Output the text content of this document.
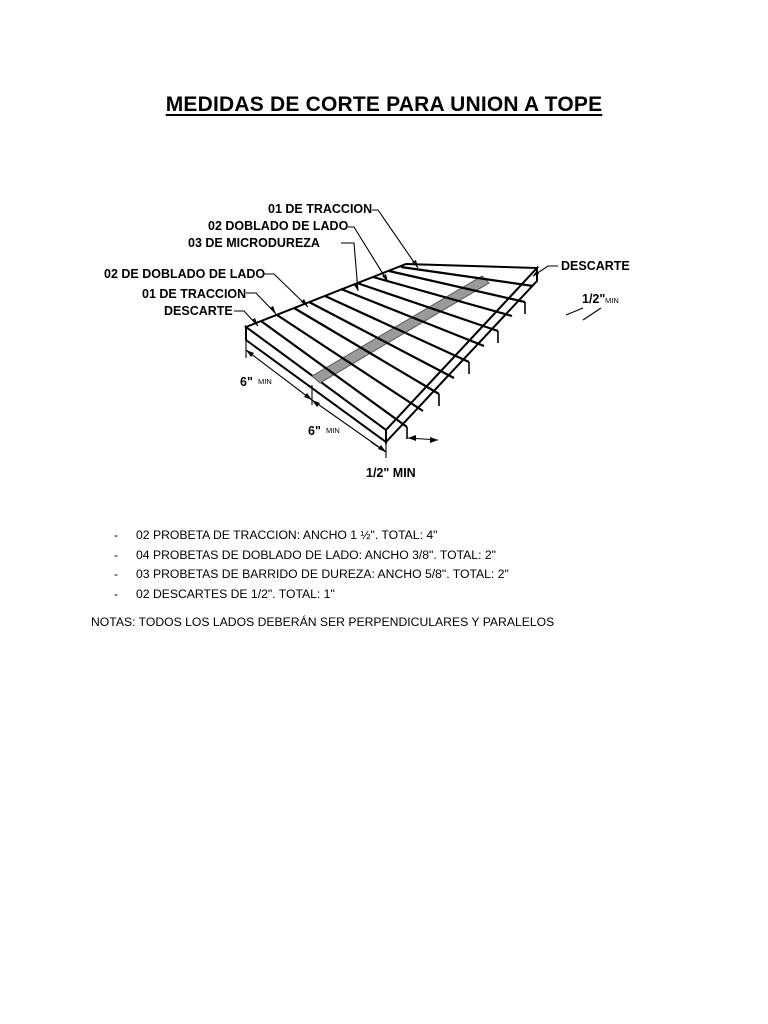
MEDIDAS DE CORTE PARA UNION A TOPE
01 DE TRACCION
02 DOBLADO DE LADO
03 DE MICRODUREZA
02 DE DOBLADO DE LADO
01 DE TRACCION
DESCARTE
DESCARTE
1/2" MIN
6" MIN
6" MIN
1/2" MIN
- 02 PROBETA DE TRACCION: ANCHO 1 ½". TOTAL: 4"
- 04 PROBETAS DE DOBLADO DE LADO: ANCHO 3/8". TOTAL: 2"
- 03 PROBETAS DE BARRIDO DE DUREZA: ANCHO 5/8". TOTAL: 2"
- 02 DESCARTES DE 1/2". TOTAL: 1"
NOTAS: TODOS LOS LADOS DEBERÁN SER PERPENDICULARES Y PARALELOS
